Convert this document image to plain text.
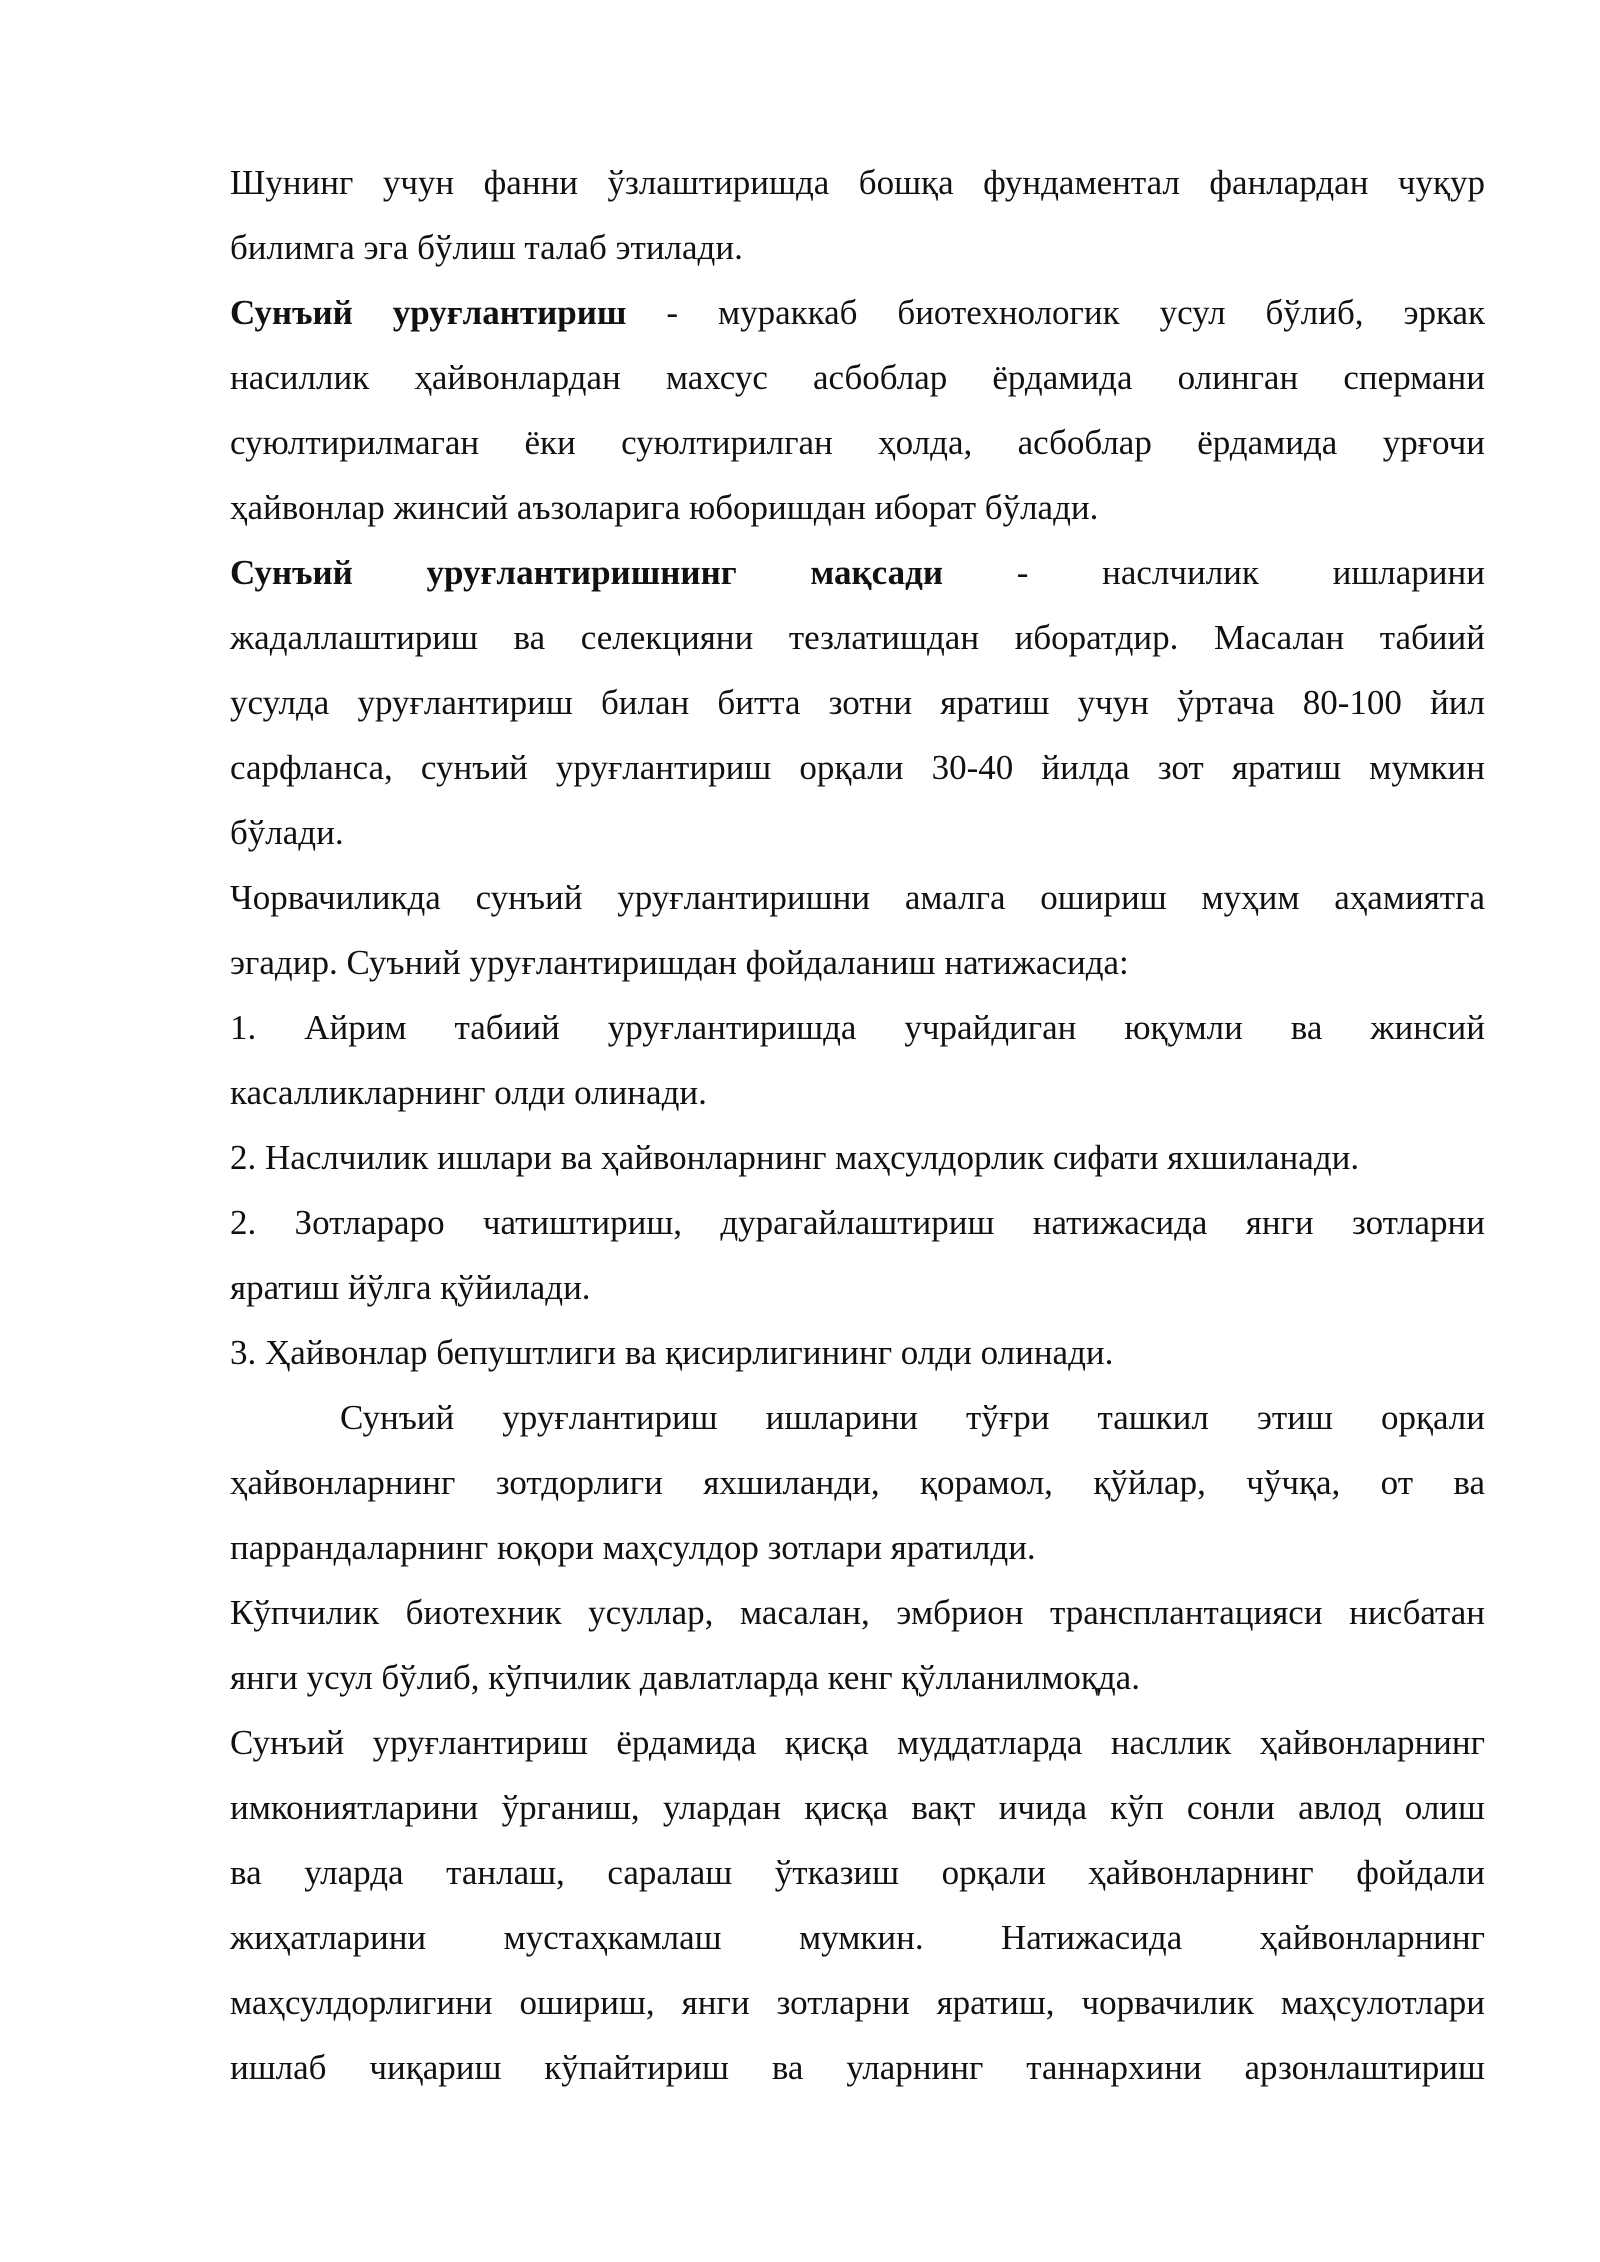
Шунинг учун фанни ўзлаштиришда бошқа фундаментал фанлардан чуқур
билимга эга бўлиш талаб этилади.
Сунъий уруғлантириш - мураккаб биотехнологик усул бўлиб, эркак
насиллик ҳайвонлардан махсус асбоблар ёрдамида олинган спермани
суюлтирилмаган ёки суюлтирилган ҳолда, асбоблар ёрдамида урғочи
ҳайвонлар жинсий аъзоларига юборишдан иборат бўлади.
Сунъий уруғлантиришнинг мақсади - наслчилик ишларини
жадаллаштириш ва селекцияни тезлатишдан иборатдир. Масалан табиий
усулда уруғлантириш билан битта зотни яратиш учун ўртача 80-100 йил
сарфланса, сунъий уруғлантириш орқали 30-40 йилда зот яратиш мумкин
бўлади.
Чорвачиликда сунъий уруғлантиришни амалга ошириш муҳим аҳамиятга
эгадир. Суъний уруғлантиришдан фойдаланиш натижасида:
1. Айрим табиий уруғлантиришда учрайдиган юқумли ва жинсий
касалликларнинг олди олинади.
2. Наслчилик ишлари ва ҳайвонларнинг маҳсулдорлик сифати яхшиланади.
2. Зотлараро чатиштириш, дурагайлаштириш натижасида янги зотларни
яратиш йўлга қўйилади.
3. Ҳайвонлар бепуштлиги ва қисирлигининг олди олинади.
Сунъий уруғлантириш ишларини тўғри ташкил этиш орқали
ҳайвонларнинг зотдорлиги яхшиланди, қорамол, қўйлар, чўчқа, от ва
паррандаларнинг юқори маҳсулдор зотлари яратилди.
Кўпчилик биотехник усуллар, масалан, эмбрион трансплантацияси нисбатан
янги усул бўлиб, кўпчилик давлатларда кенг қўлланилмоқда.
Сунъий уруғлантириш ёрдамида қисқа муддатларда насллик ҳайвонларнинг
имкониятларини ўрганиш, улардан қисқа вақт ичида кўп сонли авлод олиш
ва уларда танлаш, саралаш ўтказиш орқали ҳайвонларнинг фойдали
жиҳатларини мустаҳкамлаш мумкин. Натижасида ҳайвонларнинг
маҳсулдорлигини ошириш, янги зотларни яратиш, чорвачилик маҳсулотлари
ишлаб чиқариш кўпайтириш ва уларнинг таннархини арзонлаштириш
